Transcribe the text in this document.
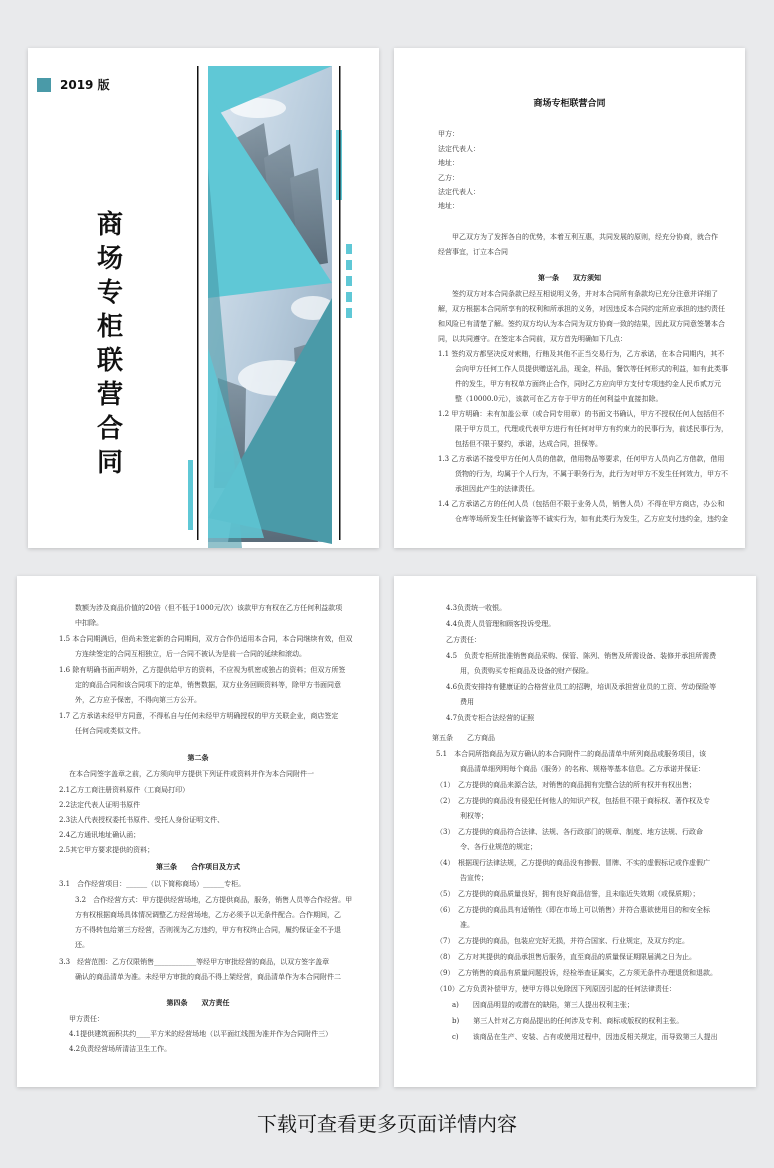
2019 版
商
场
专
柜
联
营
合
同
商场专柜联营合同
甲方：
法定代表人：
地址：
乙方：
法定代表人：
地址：
甲乙双方为了发挥各自的优势，本着互利互惠，共同发展的原则，经充分协商，就合作
经营事宜，订立本合同
第一条　　双方须知
签约双方对本合同条款已经互相说明义务，并对本合同所有条款均已充分注意并详细了
解，双方根据本合同所享有的权利和所承担的义务，对因违反本合同约定所应承担的违约责任
和风险已有清楚了解。签约双方均认为本合同为双方协商一致的结果，因此双方同意签署本合
同，以共同遵守。在签定本合同前，双方首先明确如下几点：
1.1 签约双方都坚决反对索贿，行贿及其他不正当交易行为，乙方承诺，在本合同期内，其不
会向甲方任何工作人员提供赠送礼品，现金，样品，餐饮等任何形式的利益，如有此类事
件的发生，甲方有权单方面终止合作，同时乙方应向甲方支付专项违约金人民币贰万元
整（10000.0元），该款可在乙方存于甲方的任何利益中直接扣除。
1.2 甲方明确：未有加盖公章（或合同专用章）的书面文书确认，甲方不授权任何人包括但不
限于甲方员工，代理或代表甲方进行有任何对甲方有约束力的民事行为，前述民事行为，
包括但不限于要约，承诺，达成合同，担保等。
1.3 乙方承诺不接受甲方任何人员的借款，借用物品等要求，任何甲方人员向乙方借款，借用
货物的行为，均属于个人行为，不属于职务行为，此行为对甲方不发生任何效力，甲方不
承担因此产生的法律责任。
1.4 乙方承诺乙方的任何人员（包括但不限于业务人员，销售人员）不得在甲方商店，办公和
仓库等场所发生任何偷盗等不诚实行为，如有此类行为发生，乙方应支付违约金，违约金
数额为涉及商品价值的20倍（但不低于1000元/次）该款甲方有权在乙方任何利益款项
中扣除。
1.5 本合同期满后，但尚未签定新的合同期间，双方合作仍适用本合同，本合同继续有效，但双
方连续签定的合同互相独立，后一合同不被认为是前一合同的延续和滚动。
1.6 除有明确书面声明外，乙方提供给甲方的资料，不应视为机密或独占的资料；但双方所签
定的商品合同和该合同项下的定单，销售数据，双方业务回顾资料等，除甲方书面同意
外，乙方应予保密，不得向第三方公开。
1.7 乙方承诺未经甲方同意，不得私自与任何未经甲方明确授权的甲方关联企业，商店签定
任何合同或类似文件。
第二条
在本合同签字盖章之前，乙方须向甲方提供下列证件或资料并作为本合同附件一
2.1乙方工商注册资料原件（工商局打印）
2.2法定代表人证明书原件
2.3法人代表授权委托书原件、受托人身份证明文件、
2.4乙方通讯地址确认函；
2.5其它甲方要求提供的资料；
第三条　　合作项目及方式
3.1　合作经营项目：______（以下简称商场）______专柜。
3.2　合作经营方式：甲方提供经营场地，乙方提供商品，服务，销售人员等合作经营。甲
方有权根据商场具体情况调整乙方经营场地，乙方必须予以无条件配合。合作期间，乙
方不得转包给第三方经营，否则视为乙方违约，甲方有权终止合同，履约保证金不予退
还。
3.3　经营范围：乙方仅限销售____________等经甲方审批经营的商品，以双方签字盖章
确认的商品清单为准。未经甲方审批的商品不得上架经营，商品清单作为本合同附件二
第四条　　双方责任
甲方责任：
4.1提供建筑面积共约____平方米的经营场地（以平面红线图为准并作为合同附件三）
4.2负责经营场所清洁卫生工作。
4.3负责统一收银。
4.4负责人员管理和顾客投诉受理。
乙方责任：
4.5　负责专柜所批准销售商品采购、保管、陈列、销售及所需设备、装修并承担所需费
用，负责购买专柜商品及设备的财产保险。
4.6负责安排持有健康证的合格营业员工的招聘，培训及承担营业员的工资、劳动保险等
费用
4.7负责专柜合法经营的证照
第五条　　乙方商品
5.1　本合同所指商品为双方确认的本合同附件二的商品清单中所列商品或服务项目，该
商品清单细列明每个商品（服务）的名称、规格等基本信息。乙方承诺并保证：
（1）　乙方提供的商品来源合法，对销售的商品拥有完整合法的所有权并有权出售；
（2）　乙方提供的商品没有侵犯任何他人的知识产权，包括但不限于商标权、著作权及专
利权等；
（3）　乙方提供的商品符合法律、法规、各行政部门的规章、制度、地方法规、行政命
令、各行业规范的规定；
（4）　根据现行法律法规，乙方提供的商品没有掺假、冒牌、不实的虚假标记或作虚假广
告宣传；
（5）　乙方提供的商品质量良好，拥有良好商品信誉，且未临近失效期（或保质期）；
（6）　乙方提供的商品具有适销性（即在市场上可以销售）并符合惠欲使用目的和安全标
准。
（7）　乙方提供的商品，包装应完好无损，并符合国家、行业规定，及双方约定。
（8）　乙方对其提供的商品承担售后服务，直至商品的质量保证期限届满之日为止。
（9）　乙方销售的商品有质量问题投诉，经检举查证属实，乙方须无条件办理退货和退款。
（10）乙方负责补偿甲方，使甲方得以免除因下列原因引起的任何法律责任：
a)　　因商品明显的或潜在的缺陷，第三人提出权利主张；
b)　　第三人针对乙方商品提出的任何涉及专利、商标或版权的权利主张。
c)　　该商品在生产、安装、占有或使用过程中，因违反相关规定，而导致第三人提出
下载可查看更多页面详情内容
